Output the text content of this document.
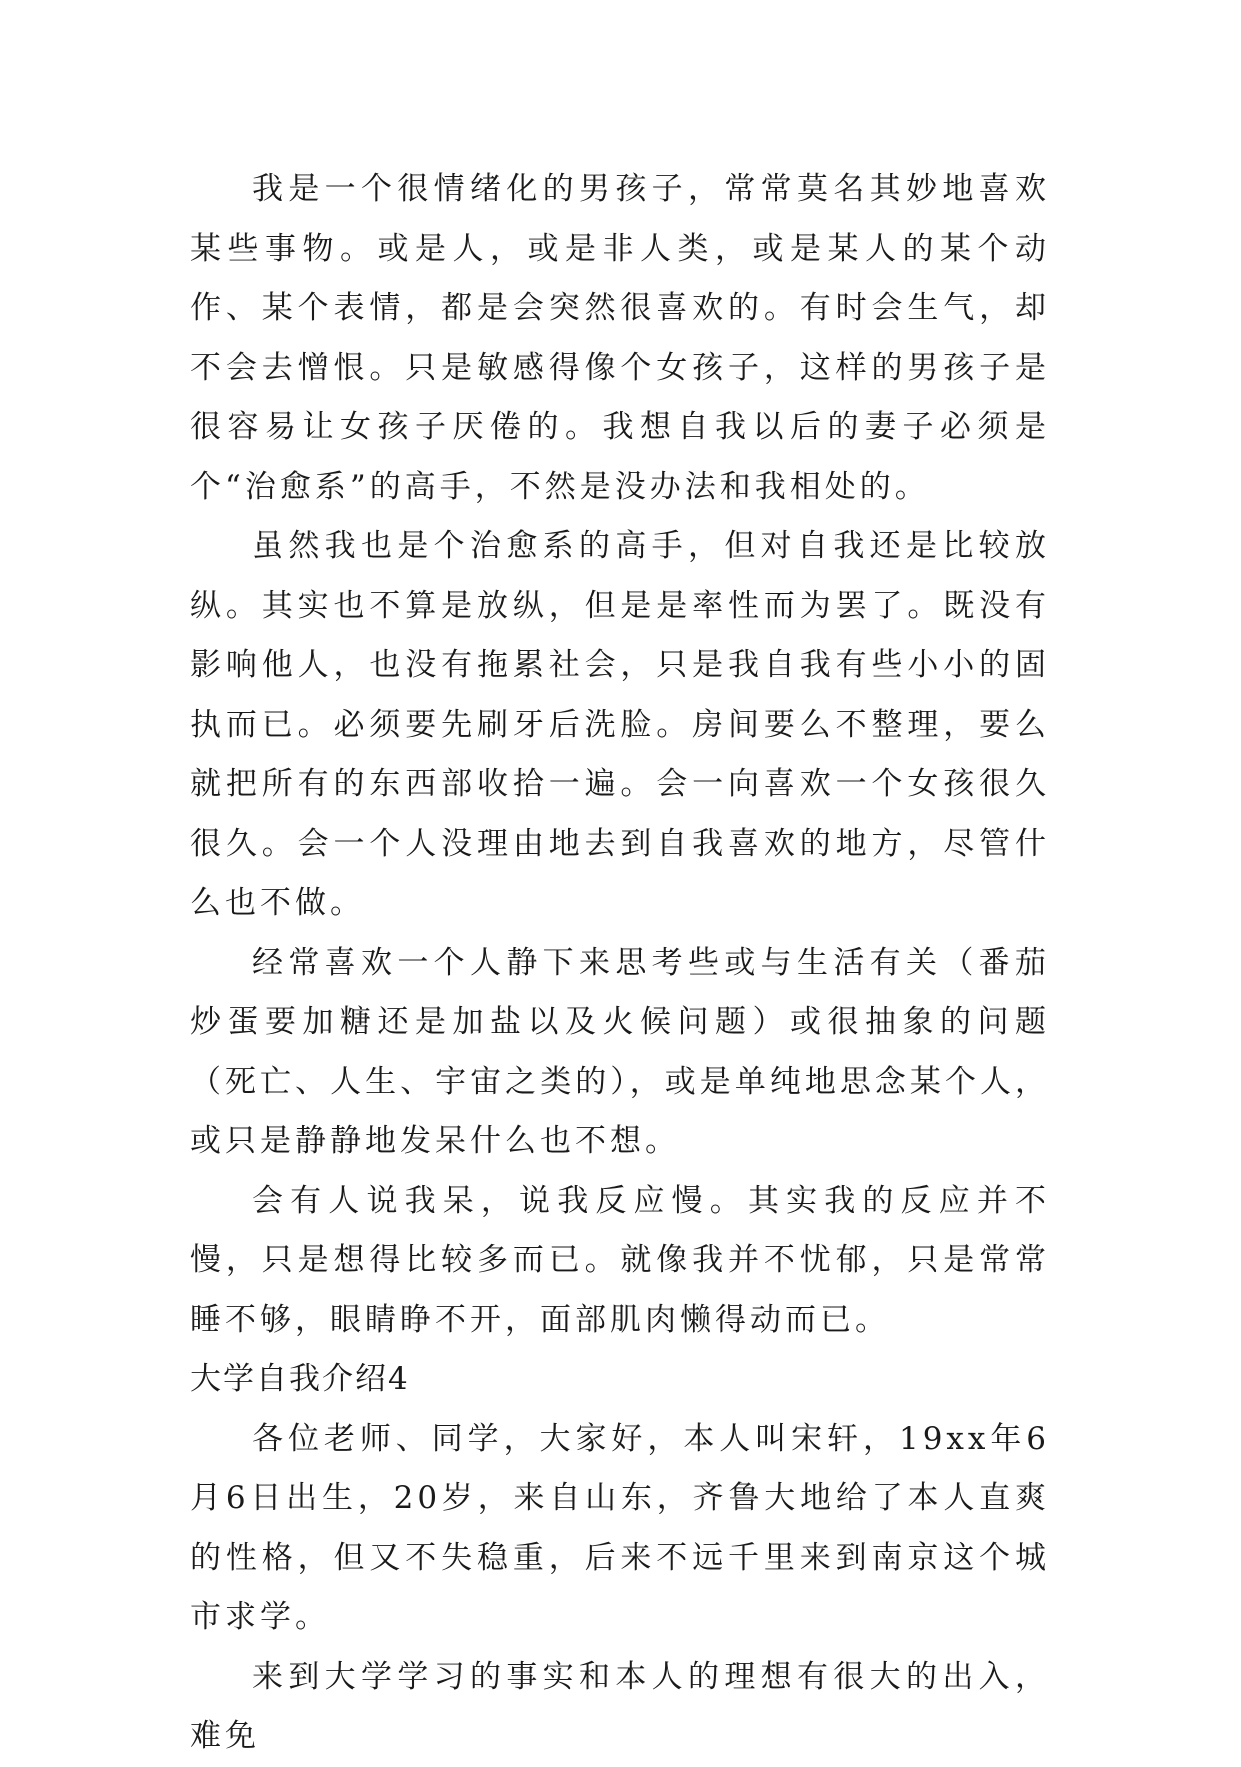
我是一个很情绪化的男孩子，常常莫名其妙地喜欢某些事物。或是人，或是非人类，或是某人的某个动作、某个表情，都是会突然很喜欢的。有时会生气，却不会去憎恨。只是敏感得像个女孩子，这样的男孩子是很容易让女孩子厌倦的。我想自我以后的妻子必须是个“治愈系”的高手，不然是没办法和我相处的。

虽然我也是个治愈系的高手，但对自我还是比较放纵。其实也不算是放纵，但是是率性而为罢了。既没有影响他人，也没有拖累社会，只是我自我有些小小的固执而已。必须要先刷牙后洗脸。房间要么不整理，要么就把所有的东西部收拾一遍。会一向喜欢一个女孩很久很久。会一个人没理由地去到自我喜欢的地方，尽管什么也不做。

经常喜欢一个人静下来思考些或与生活有关（番茄炒蛋要加糖还是加盐以及火候问题）或很抽象的问题（死亡、人生、宇宙之类的），或是单纯地思念某个人，或只是静静地发呆什么也不想。

会有人说我呆，说我反应慢。其实我的反应并不慢，只是想得比较多而已。就像我并不忧郁，只是常常睡不够，眼睛睁不开，面部肌肉懒得动而已。

大学自我介绍4

各位老师、同学，大家好，本人叫宋轩，19xx年6月6日出生，20岁，来自山东，齐鲁大地给了本人直爽的性格，但又不失稳重，后来不远千里来到南京这个城市求学。

来到大学学习的事实和本人的理想有很大的出入，难免
